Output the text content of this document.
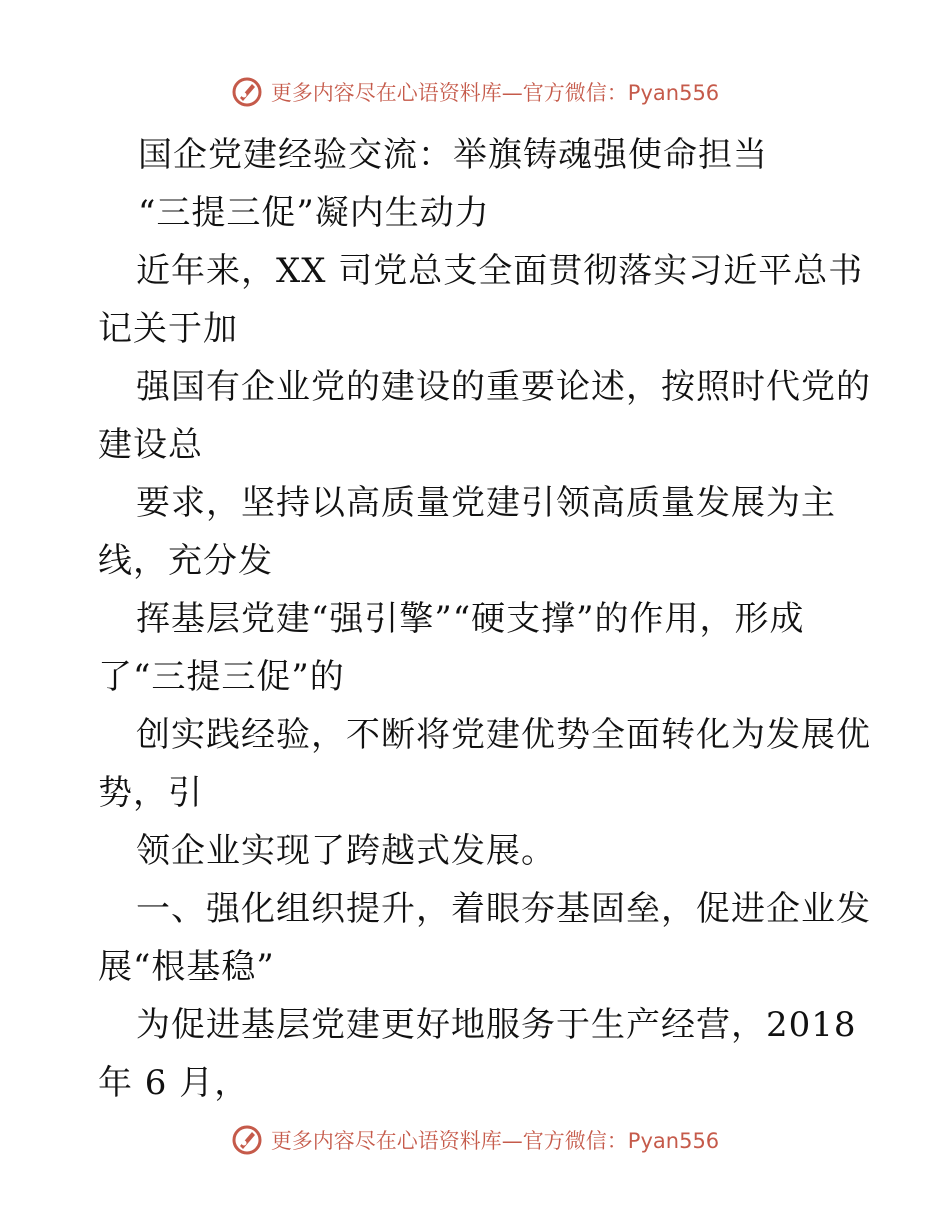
更多内容尽在心语资料库—官方微信：Pyan556
国企党建经验交流：举旗铸魂强使命担当
“三提三促”凝内生动力
近年来，XX 司党总支全面贯彻落实习近平总书
记关于加
强国有企业党的建设的重要论述，按照时代党的
建设总
要求，坚持以高质量党建引领高质量发展为主
线，充分发
挥基层党建“强引擎”“硬支撑”的作用，形成
了“三提三促”的
创实践经验，不断将党建优势全面转化为发展优
势，引
领企业实现了跨越式发展。
一、强化组织提升，着眼夯基固垒，促进企业发
展“根基稳”
为促进基层党建更好地服务于生产经营，2018
年 6 月，
更多内容尽在心语资料库—官方微信：Pyan556
